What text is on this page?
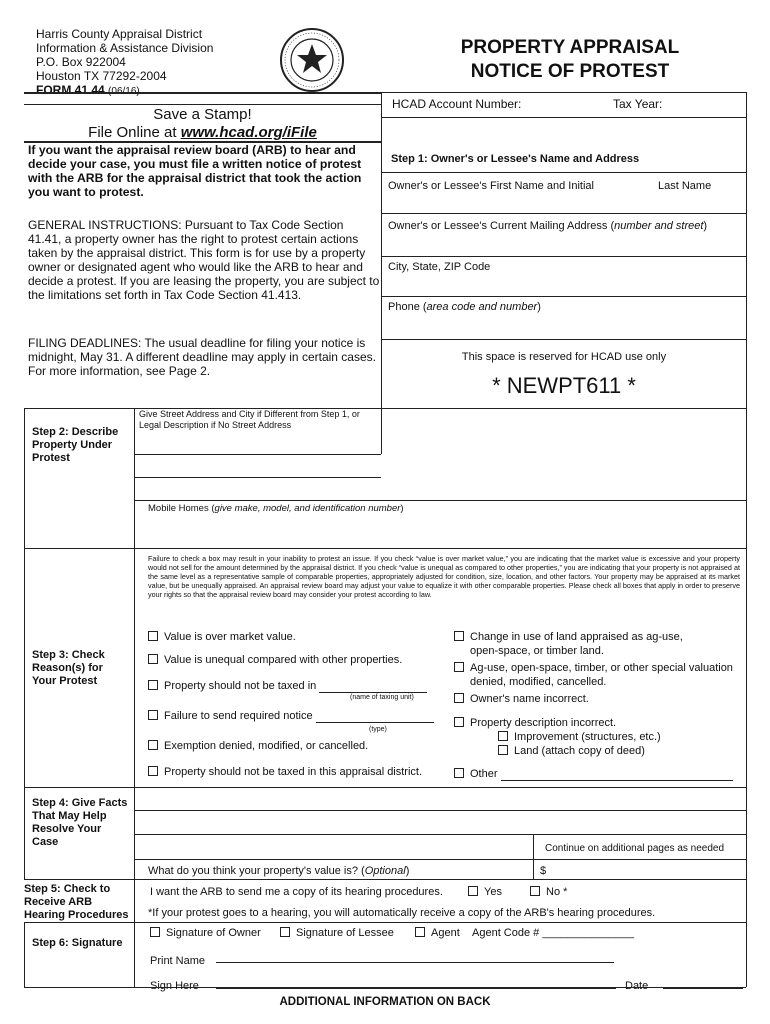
Harris County Appraisal District
Information & Assistance Division
P.O. Box 922004
Houston TX 77292-2004
FORM 41.44 (06/16)
PROPERTY APPRAISAL
NOTICE OF PROTEST
HCAD Account Number:	Tax Year:
Save a Stamp!
File Online at www.hcad.org/iFile
If you want the appraisal review board (ARB) to hear and decide your case, you must file a written notice of protest with the ARB for the appraisal district that took the action you want to protest.
GENERAL INSTRUCTIONS: Pursuant to Tax Code Section 41.41, a property owner has the right to protest certain actions taken by the appraisal district. This form is for use by a property owner or designated agent who would like the ARB to hear and decide a protest. If you are leasing the property, you are subject to the limitations set forth in Tax Code Section 41.413.
FILING DEADLINES: The usual deadline for filing your notice is midnight, May 31. A different deadline may apply in certain cases. For more information, see Page 2.
Step 1: Owner's or Lessee's Name and Address
Owner's or Lessee's First Name and Initial	Last Name
Owner's or Lessee's Current Mailing Address (number and street)
City, State, ZIP Code
Phone (area code and number)
This space is reserved for HCAD use only
* NEWPT611 *
Step 2: Describe Property Under Protest
Give Street Address and City if Different from Step 1, or Legal Description if No Street Address
Mobile Homes (give make, model, and identification number)
Failure to check a box may result in your inability to protest an issue. If you check “value is over market value,” you are indicating that the market value is excessive and your property would not sell for the amount determined by the appraisal district. If you check “value is unequal as compared to other properties,” you are indicating that your property is not appraised at the same level as a representative sample of comparable properties, appropriately adjusted for condition, size, location, and other factors. Your property may be appraised at its market value, but be unequally appraised. An appraisal review board may adjust your value to equalize it with other comparable properties. Please check all boxes that apply in order to preserve your rights so that the appraisal review board may consider your protest according to law.
Step 3: Check Reason(s) for Your Protest
Value is over market value.
Value is unequal compared with other properties.
Property should not be taxed in
(name of taxing unit)
Failure to send required notice
(type)
Exemption denied, modified, or cancelled.
Property should not be taxed in this appraisal district.
Change in use of land appraised as ag-use,
open-space, or timber land.
Ag-use, open-space, timber, or other special valuation
denied, modified, cancelled.
Owner's name incorrect.
Property description incorrect.
Improvement (structures, etc.)
Land (attach copy of deed)
Other
Step 4: Give Facts That May Help Resolve Your Case
Continue on additional pages as needed
What do you think your property's value is? (Optional)	$
Step 5: Check to Receive ARB Hearing Procedures
I want the ARB to send me a copy of its hearing procedures.	Yes	No *
*If your protest goes to a hearing, you will automatically receive a copy of the ARB's hearing procedures.
Step 6: Signature
Signature of Owner	Signature of Lessee	Agent Agent Code # _______________
Print Name
Sign Here	Date
ADDITIONAL INFORMATION ON BACK
